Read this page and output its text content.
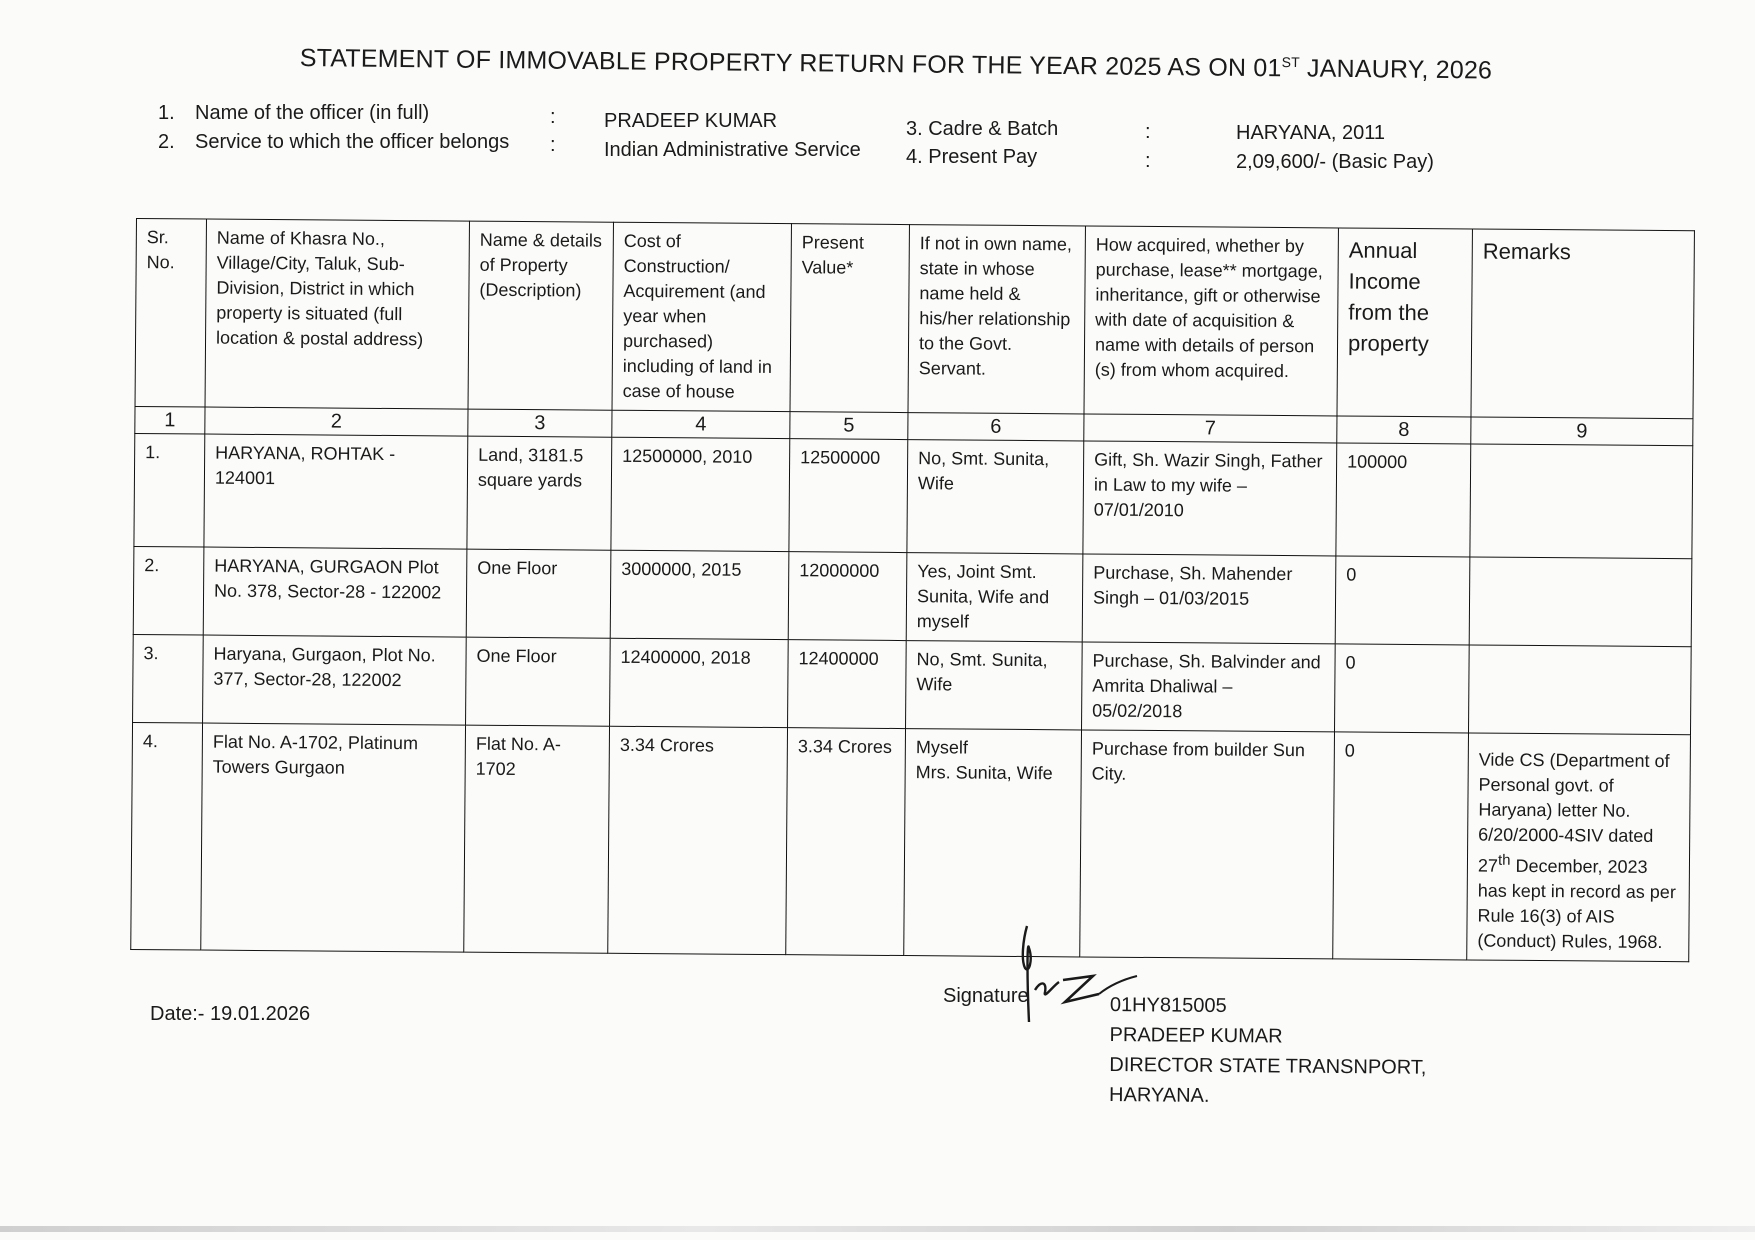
STATEMENT OF IMMOVABLE PROPERTY RETURN FOR THE YEAR 2025 AS ON 01ST JANAURY, 2026
1. Name of the officer (in full)	: PRADEEP KUMAR
2. Service to which the officer belongs : Indian Administrative Service
3. Cadre & Batch	:	HARYANA, 2011
4. Present Pay	:	2,09,600/- (Basic Pay)
Sr. No.	Name of Khasra No., Village/City, Taluk, Sub-Division, District in which property is situated (full location & postal address)	Name & details of Property (Description)	Cost of Construction/ Acquirement (and year when purchased) including of land in case of house	Present Value*	If not in own name, state in whose name held & his/her relationship to the Govt. Servant.	How acquired, whether by purchase, lease** mortgage, inheritance, gift or otherwise with date of acquisition & name with details of person (s) from whom acquired.	Annual Income from the property	Remarks
1	2	3	4	5	6	7	8	9
1.	HARYANA, ROHTAK - 124001	Land, 3181.5 square yards	12500000, 2010	12500000	No, Smt. Sunita, Wife	Gift, Sh. Wazir Singh, Father in Law to my wife – 07/01/2010	100000	
2.	HARYANA, GURGAON Plot No. 378, Sector-28 - 122002	One Floor	3000000, 2015	12000000	Yes, Joint Smt. Sunita, Wife and myself	Purchase, Sh. Mahender Singh – 01/03/2015	0	
3.	Haryana, Gurgaon, Plot No. 377, Sector-28, 122002	One Floor	12400000, 2018	12400000	No, Smt. Sunita, Wife	Purchase, Sh. Balvinder and Amrita Dhaliwal – 05/02/2018	0	
4.	Flat No. A-1702, Platinum Towers Gurgaon	Flat No. A-1702	3.34 Crores	3.34 Crores	Myself
Mrs. Sunita, Wife	Purchase from builder Sun City.	0	Vide CS (Department of Personal govt. of Haryana) letter No. 6/20/2000-4SIV dated 27th December, 2023 has kept in record as per Rule 16(3) of AIS (Conduct) Rules, 1968.
Date:- 19.01.2026
Signature	01HY815005
PRADEEP KUMAR
DIRECTOR STATE TRANSNPORT,
HARYANA.
